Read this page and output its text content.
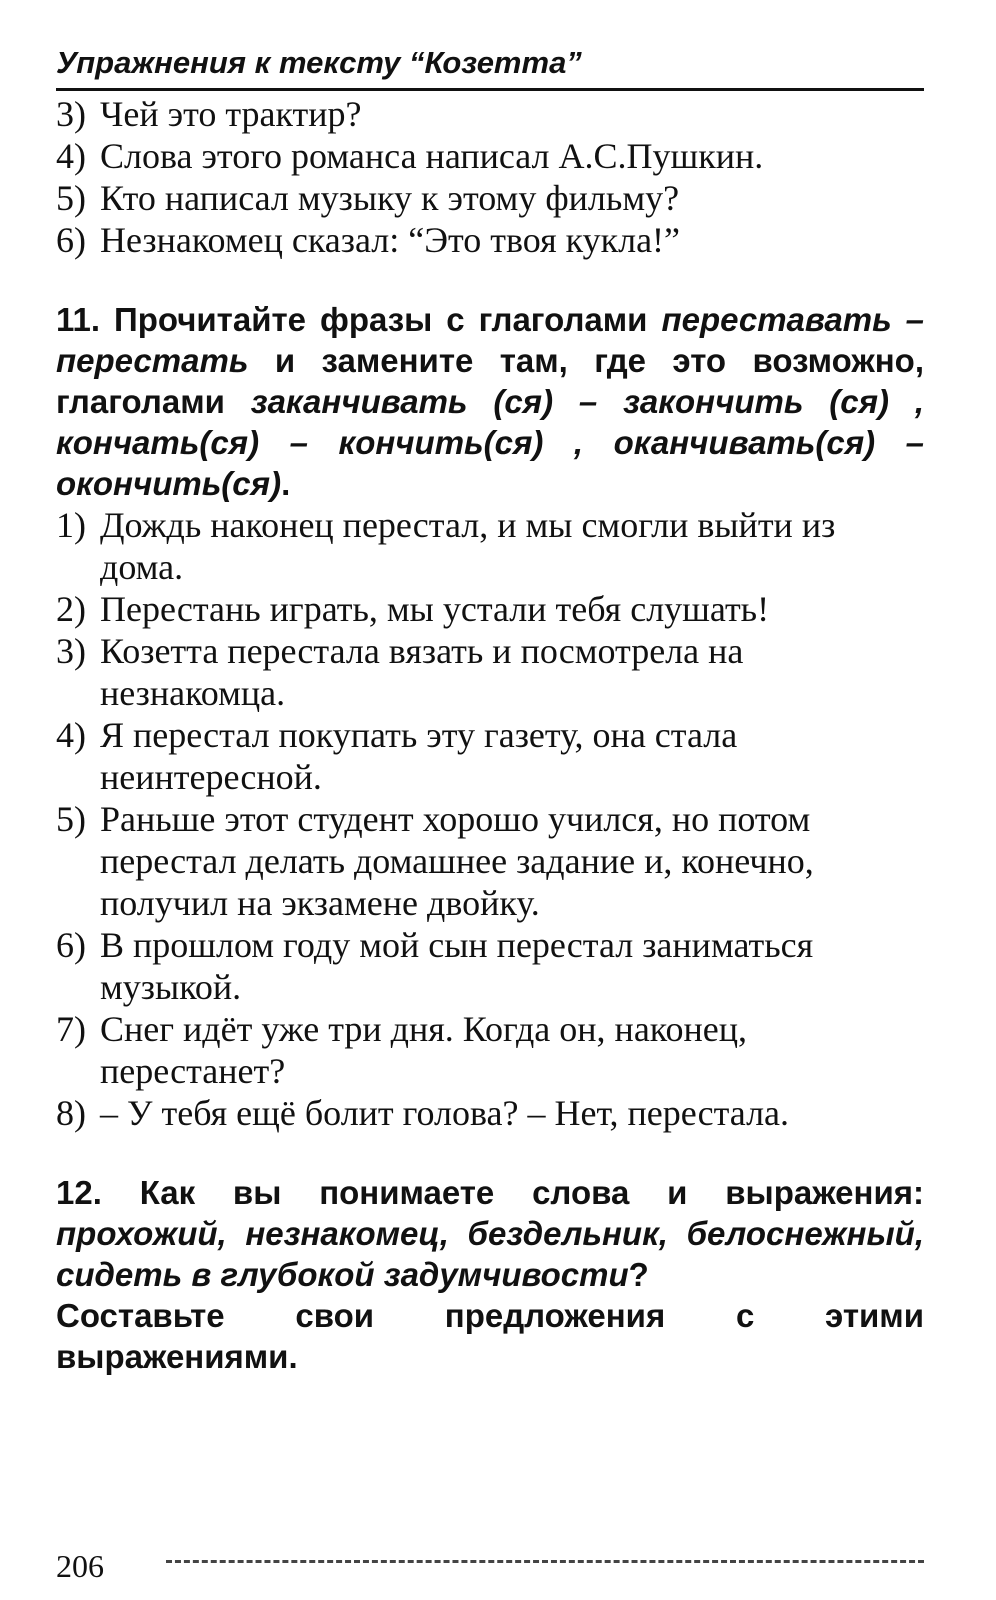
Упражнения к тексту “Козетта”
3) Чей это трактир?
4) Слова этого романса написал А.С.Пушкин.
5) Кто написал музыку к этому фильму?
6) Незнакомец сказал: “Это твоя кукла!”
11. Прочитайте фразы с глаголами переставать – перестать и замените там, где это возможно, глаголами заканчивать (ся) – закончить (ся) , кончать(ся) – кончить(ся) , оканчивать(ся) – окончить(ся).
1) Дождь наконец перестал, и мы смогли выйти из дома.
2) Перестань играть, мы устали тебя слушать!
3) Козетта перестала вязать и посмотрела на незнакомца.
4) Я перестал покупать эту газету, она стала неинтересной.
5) Раньше этот студент хорошо учился, но потом перестал делать домашнее задание и, конечно, получил на экзамене двойку.
6) В прошлом году мой сын перестал заниматься музыкой.
7) Снег идёт уже три дня. Когда он, наконец, перестанет?
8) – У тебя ещё болит голова? – Нет, перестала.
12. Как вы понимаете слова и выражения: прохожий, незнакомец, бездельник, белоснежный, сидеть в глубокой задумчивости?
Составьте свои предложения с этими выражениями.
206
